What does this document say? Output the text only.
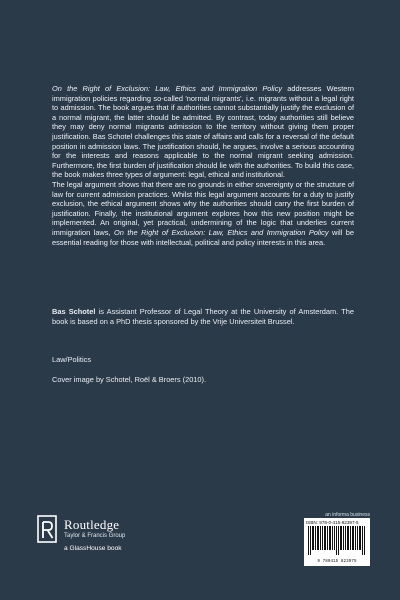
On the Right of Exclusion: Law, Ethics and Immigration Policy addresses Western immigration policies regarding so-called 'normal migrants', i.e. migrants without a legal right to admission. The book argues that if authorities cannot substantially justify the exclusion of a normal migrant, the latter should be admitted. By contrast, today authorities still believe they may deny normal migrants admission to the territory without giving them proper justification. Bas Schotel challenges this state of affairs and calls for a reversal of the default position in admission laws. The justification should, he argues, involve a serious accounting for the interests and reasons applicable to the normal migrant seeking admission. Furthermore, the first burden of justification should lie with the authorities. To build this case, the book makes three types of argument: legal, ethical and institutional.

The legal argument shows that there are no grounds in either sovereignty or the structure of law for current admission practices. Whilst this legal argument accounts for a duty to justify exclusion, the ethical argument shows why the authorities should carry the first burden of justification. Finally, the institutional argument explores how this new position might be implemented. An original, yet practical, undermining of the logic that underlies current immigration laws, On the Right of Exclusion: Law, Ethics and Immigration Policy will be essential reading for those with intellectual, political and policy interests in this area.

Bas Schotel is Assistant Professor of Legal Theory at the University of Amsterdam. The book is based on a PhD thesis sponsored by the Vrije Universiteit Brussel.
Law/Politics
Cover image by Schotel, Roël & Broers (2010).
Routledge
Taylor & Francis Group
a GlassHouse book
an informa business
ISBN: 978-0-415-82397-5
9 780415 823975
